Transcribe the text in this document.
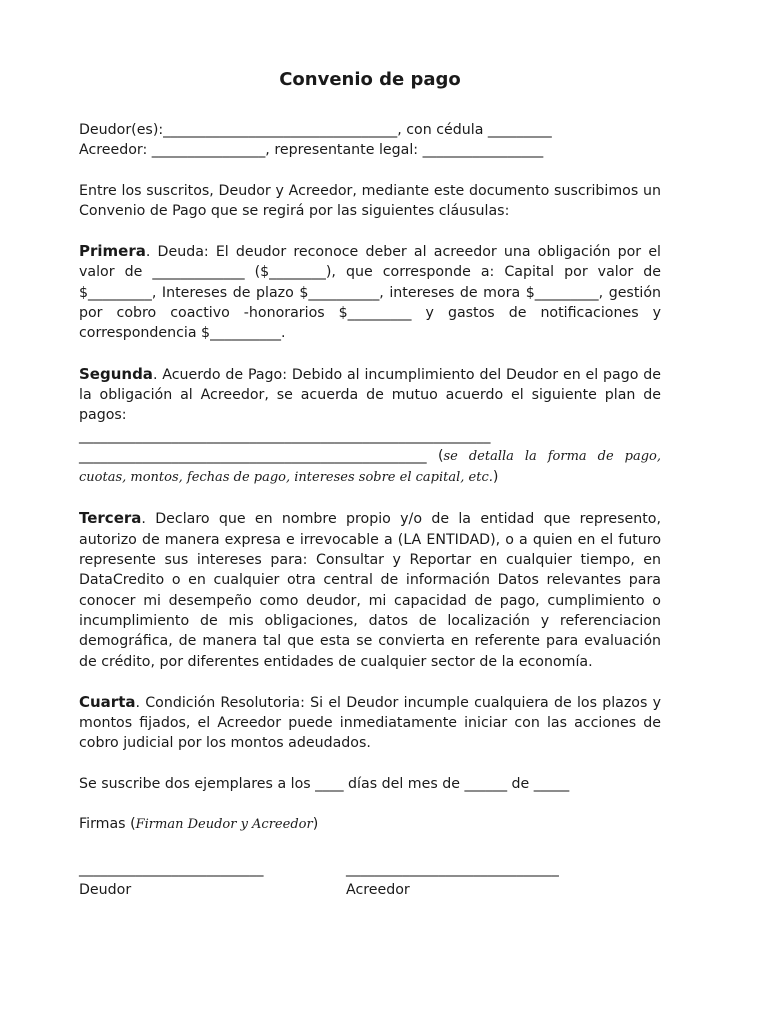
Convenio de pago
Deudor(es):_________________________________, con cédula _________
Acreedor: ________________, representante legal: _________________
Entre los suscritos, Deudor y Acreedor, mediante este documento suscribimos un Convenio de Pago que se regirá por las siguientes cláusulas:
Primera. Deuda: El deudor reconoce deber al acreedor una obligación por el valor de _____________ ($________), que corresponde a: Capital por valor de $_________, Intereses de plazo $__________, intereses de mora $_________, gestión por cobro coactivo -honorarios $_________ y gastos de notificaciones y correspondencia $__________.
Segunda. Acuerdo de Pago: Debido al incumplimiento del Deudor en el pago de la obligación al Acreedor, se acuerda de mutuo acuerdo el siguiente plan de pagos:
__________________________________________________________
_________________________________________________ (se detalla la forma de pago, cuotas, montos, fechas de pago, intereses sobre el capital, etc.)
Tercera. Declaro que en nombre propio y/o de la entidad que represento, autorizo de manera expresa e irrevocable a (LA ENTIDAD), o a quien en el futuro represente sus intereses para: Consultar y Reportar en cualquier tiempo, en DataCredito o en cualquier otra central de información Datos relevantes para conocer mi desempeño como deudor, mi capacidad de pago, cumplimiento o incumplimiento de mis obligaciones, datos de localización y referenciacion demográfica, de manera tal que esta se convierta en referente para evaluación de crédito, por diferentes entidades de cualquier sector de la economía.
Cuarta. Condición Resolutoria: Si el Deudor incumple cualquiera de los plazos y montos fijados, el Acreedor puede inmediatamente iniciar con las acciones de cobro judicial por los montos adeudados.
Se suscribe dos ejemplares a los ____ días del mes de ______ de _____
Firmas (Firman Deudor y Acreedor)
__________________________
Deudor
______________________________
Acreedor
